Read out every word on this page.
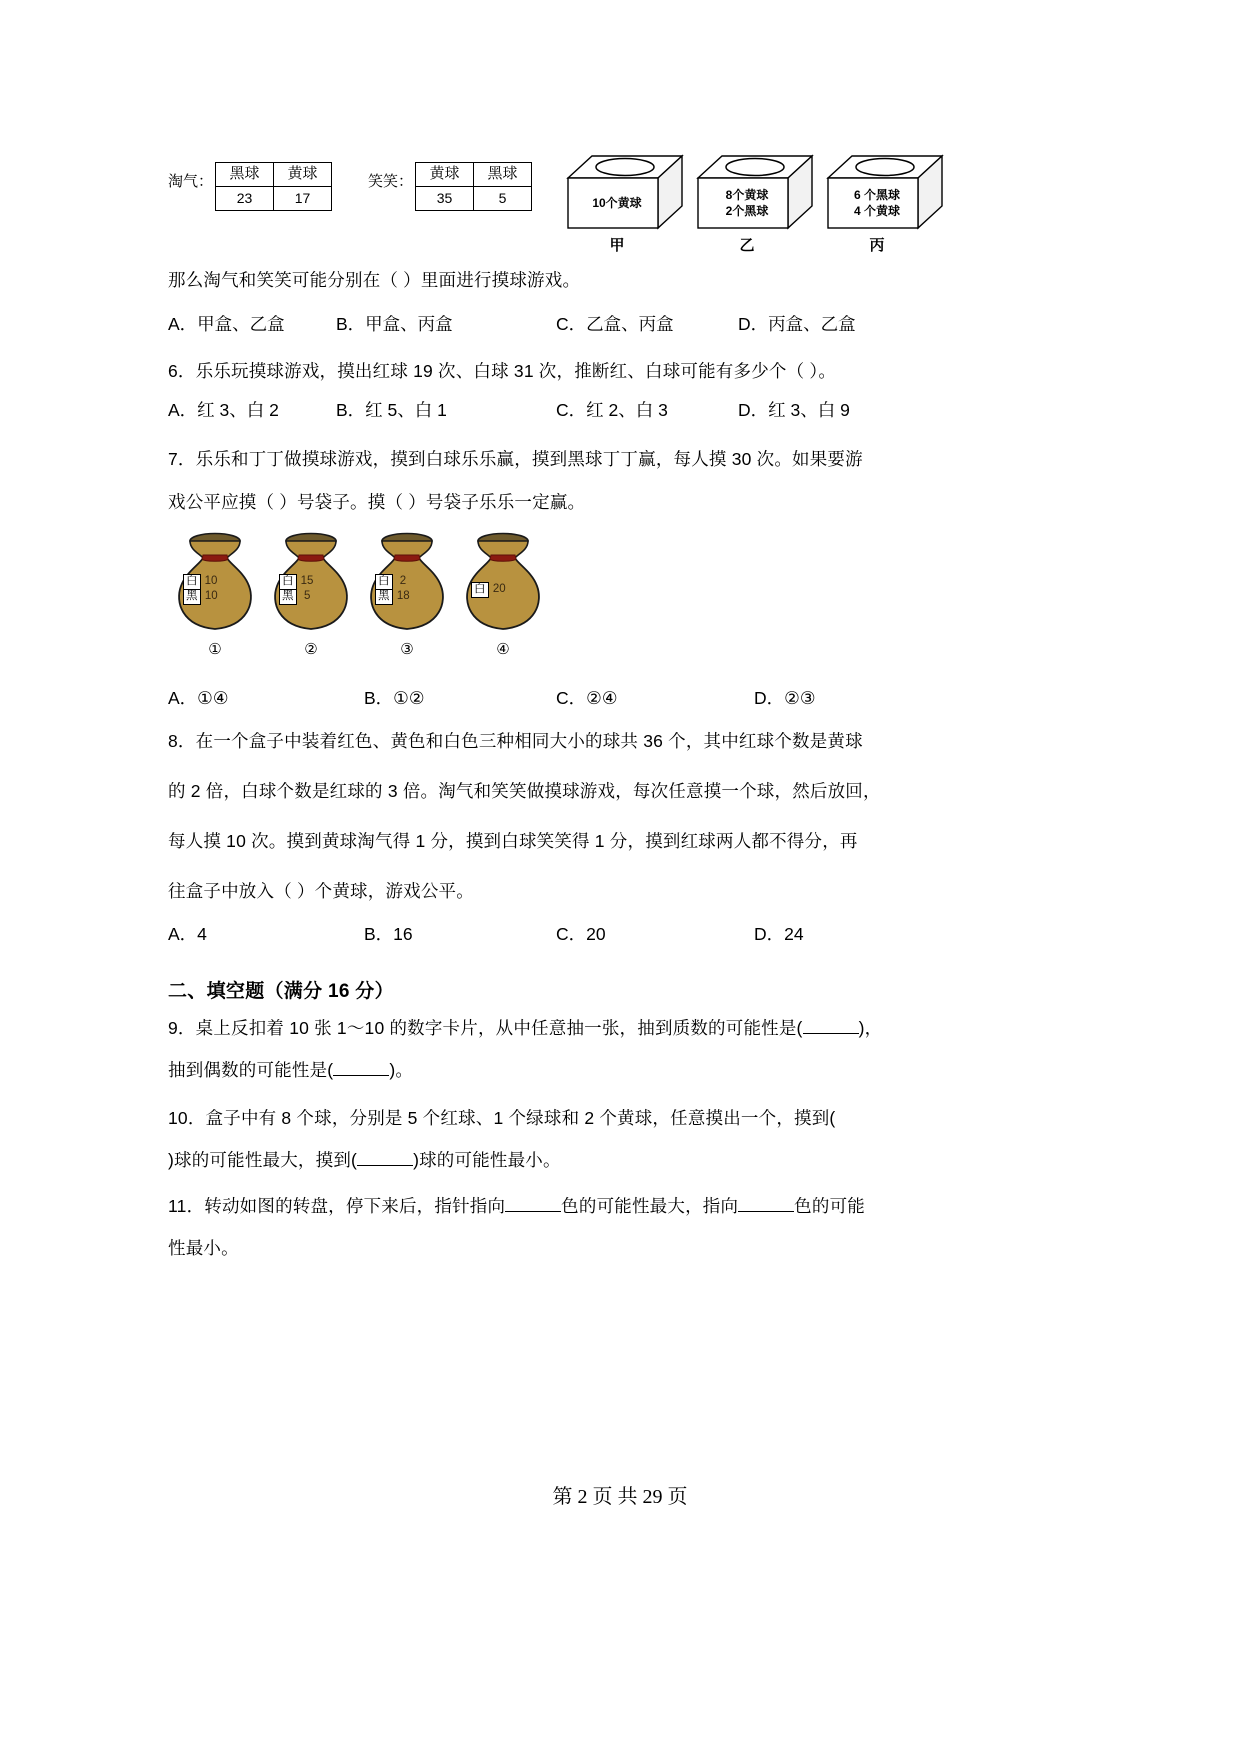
淘气： 黑球	黄球
23	17
笑笑： 黄球	黑球
35	5	10个黄球
甲
8个黄球
2个黑球
乙
6 个黑球
4 个黄球
丙
那么淘气和笑笑可能分别在（ ）里面进行摸球游戏。
A．甲盒、乙盒	B．甲盒、丙盒	C．乙盒、丙盒	D．丙盒、乙盒
6．乐乐玩摸球游戏，摸出红球 19 次、白球 31 次，推断红、白球可能有多少个（ ）。
A．红 3、白 2	B．红 5、白 1	C．红 2、白 3	D．红 3、白 9
7．乐乐和丁丁做摸球游戏，摸到白球乐乐赢，摸到黑球丁丁赢，每人摸 30 次。如果要游
戏公平应摸（ ）号袋子。摸（ ）号袋子乐乐一定赢。
白	10
黑	10
①
白	15
黑	5
②
白	2
黑	18
③
白	20
④
A．①④	B．①②	C．②④	D．②③
8．在一个盒子中装着红色、黄色和白色三种相同大小的球共 36 个，其中红球个数是黄球
的 2 倍，白球个数是红球的 3 倍。淘气和笑笑做摸球游戏，每次任意摸一个球，然后放回，
每人摸 10 次。摸到黄球淘气得 1 分，摸到白球笑笑得 1 分，摸到红球两人都不得分，再
往盒子中放入（ ）个黄球，游戏公平。
A．4	B．16	C．20	D．24
二、填空题（满分 16 分）
9．桌上反扣着 10 张 1～10 的数字卡片，从中任意抽一张，抽到质数的可能性是(	)，
抽到偶数的可能性是(	)。
10．盒子中有 8 个球，分别是 5 个红球、1 个绿球和 2 个黄球，任意摸出一个，摸到(
)球的可能性最大，摸到(	)球的可能性最小。
11．转动如图的转盘，停下来后，指针指向	色的可能性最大，指向	色的可能
性最小。
第 2 页 共 29 页
